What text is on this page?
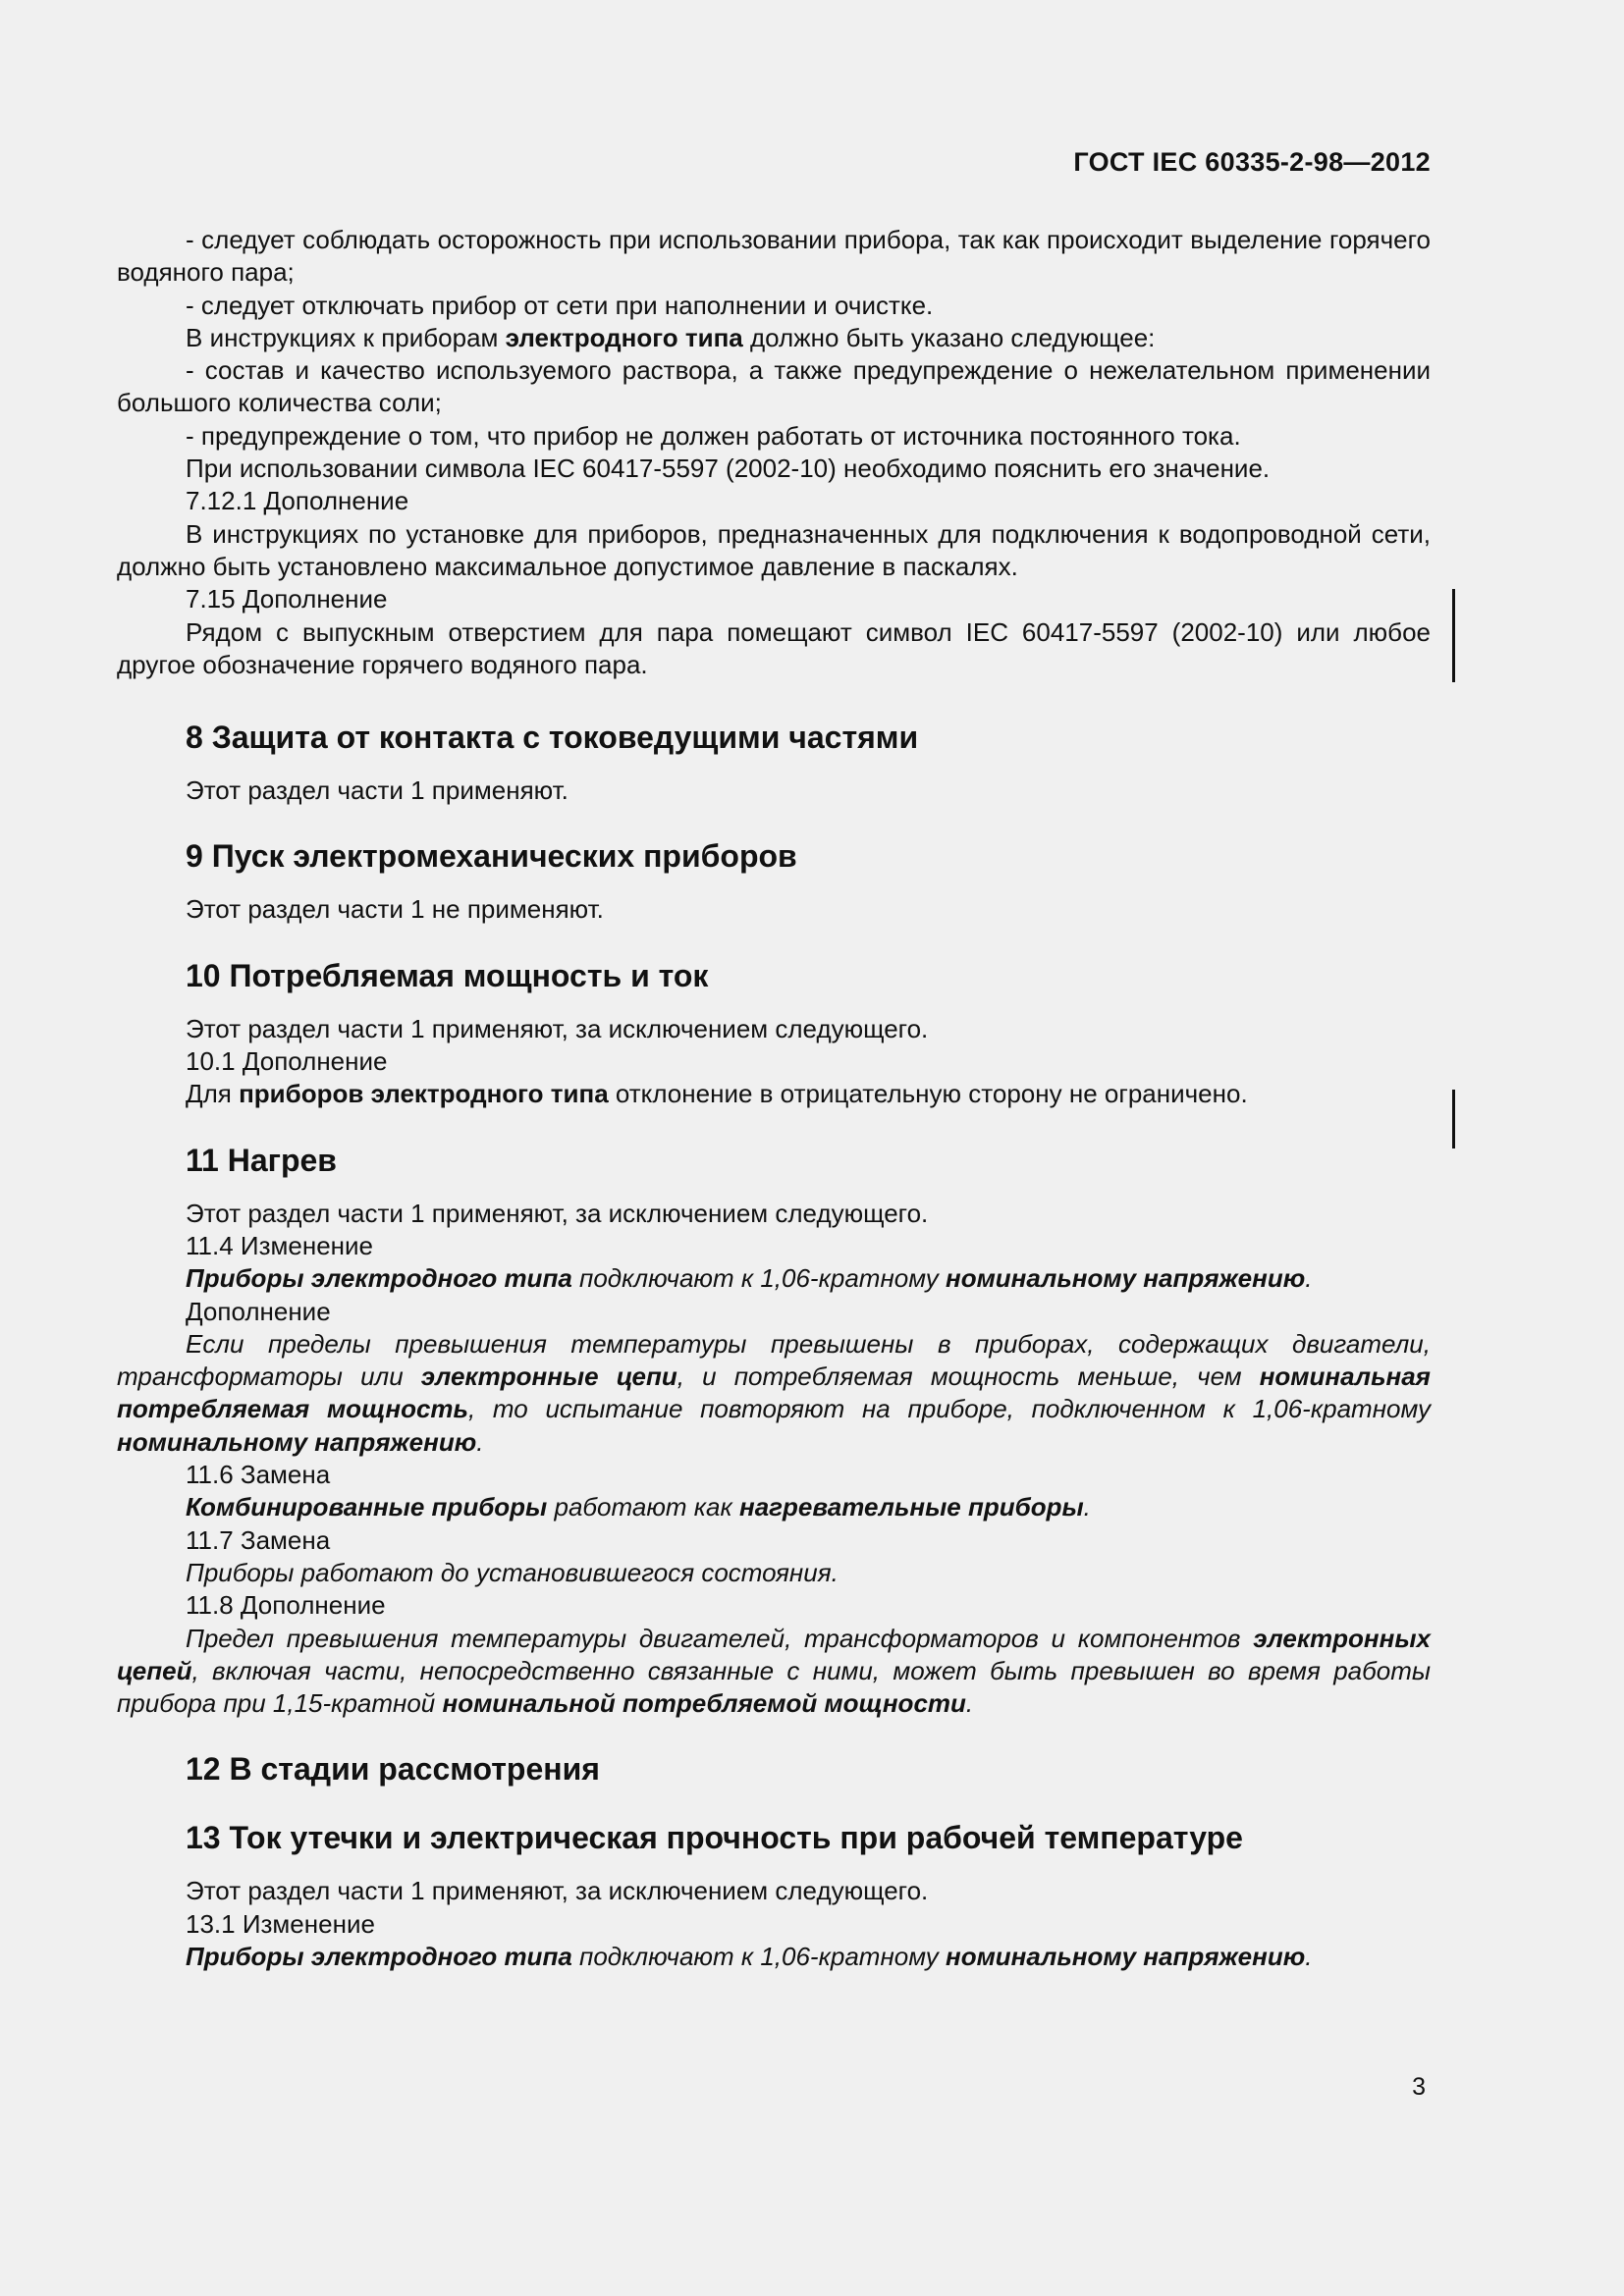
ГОСТ IEC 60335-2-98—2012

- следует соблюдать осторожность при использовании прибора, так как происходит выделение горячего водяного пара;

- следует отключать прибор от сети при наполнении и очистке.

В инструкциях к приборам электродного типа должно быть указано следующее:

- состав и качество используемого раствора, а также предупреждение о нежелательном применении большого количества соли;

- предупреждение о том, что прибор не должен работать от источника постоянного тока.

При использовании символа IEC 60417-5597 (2002-10) необходимо пояснить его значение.

7.12.1 Дополнение

В инструкциях по установке для приборов, предназначенных для подключения к водопроводной сети, должно быть установлено максимальное допустимое давление в паскалях.

7.15 Дополнение

Рядом с выпускным отверстием для пара помещают символ IEC 60417-5597 (2002-10) или любое другое обозначение горячего водяного пара.

8 Защита от контакта с токоведущими частями

Этот раздел части 1 применяют.

9 Пуск электромеханических приборов

Этот раздел части 1 не применяют.

10 Потребляемая мощность и ток

Этот раздел части 1 применяют, за исключением следующего.

10.1 Дополнение

Для приборов электродного типа отклонение в отрицательную сторону не ограничено.

11 Нагрев

Этот раздел части 1 применяют, за исключением следующего.

11.4 Изменение

Приборы электродного типа подключают к 1,06-кратному номинальному напряжению.

Дополнение

Если пределы превышения температуры превышены в приборах, содержащих двигатели, трансформаторы или электронные цепи, и потребляемая мощность меньше, чем номинальная потребляемая мощность, то испытание повторяют на приборе, подключенном к 1,06-кратному номинальному напряжению.

11.6 Замена

Комбинированные приборы работают как нагревательные приборы.

11.7 Замена

Приборы работают до установившегося состояния.

11.8 Дополнение

Предел превышения температуры двигателей, трансформаторов и компонентов электронных цепей, включая части, непосредственно связанные с ними, может быть превышен во время работы прибора при 1,15-кратной номинальной потребляемой мощности.

12 В стадии рассмотрения
13 Ток утечки и электрическая прочность при рабочей температуре

Этот раздел части 1 применяют, за исключением следующего.

13.1 Изменение

Приборы электродного типа подключают к 1,06-кратному номинальному напряжению.

3
